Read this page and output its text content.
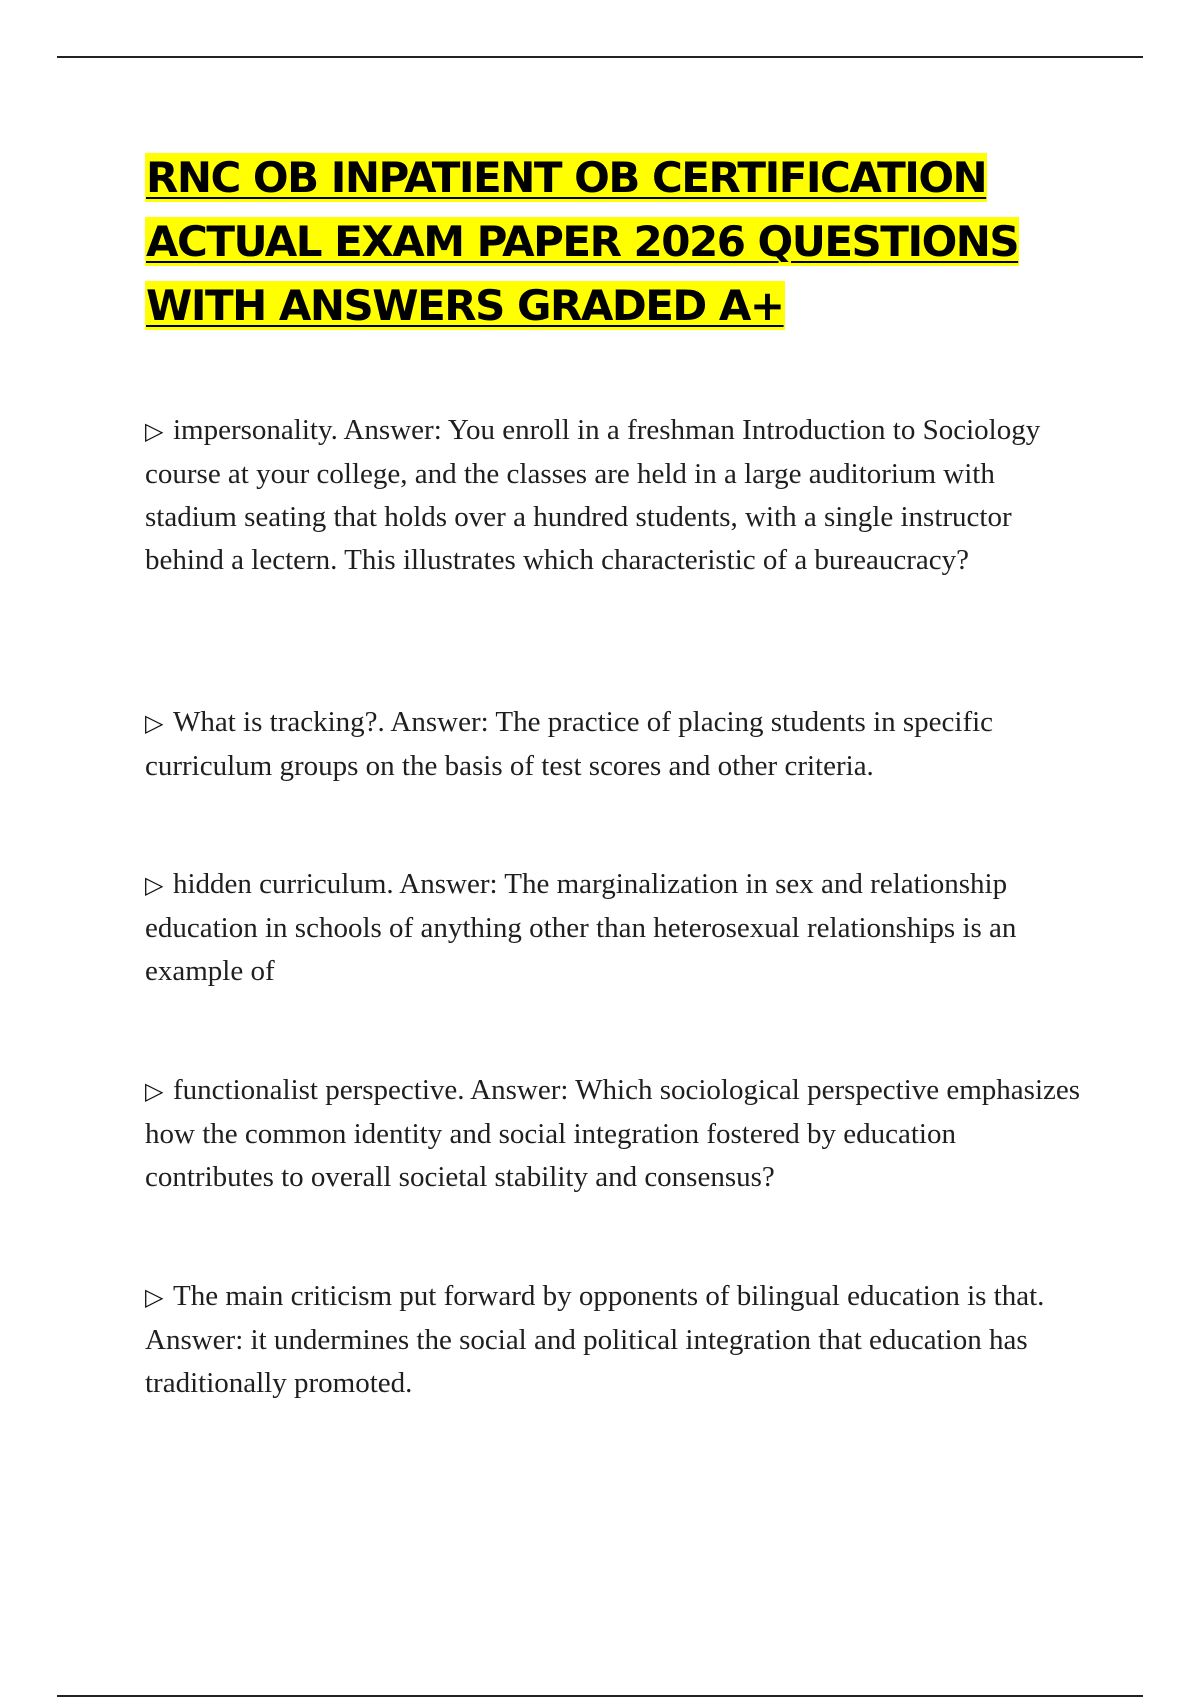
RNC OB INPATIENT OB CERTIFICATION
ACTUAL EXAM PAPER 2026 QUESTIONS
WITH ANSWERS GRADED A+

▷ impersonality. Answer: You enroll in a freshman Introduction to Sociology course at your college, and the classes are held in a large auditorium with stadium seating that holds over a hundred students, with a single instructor behind a lectern. This illustrates which characteristic of a bureaucracy?

▷ What is tracking?. Answer: The practice of placing students in specific curriculum groups on the basis of test scores and other criteria.

▷ hidden curriculum. Answer: The marginalization in sex and relationship education in schools of anything other than heterosexual relationships is an example of

▷ functionalist perspective. Answer: Which sociological perspective emphasizes how the common identity and social integration fostered by education contributes to overall societal stability and consensus?

▷ The main criticism put forward by opponents of bilingual education is that. Answer: it undermines the social and political integration that education has traditionally promoted.
